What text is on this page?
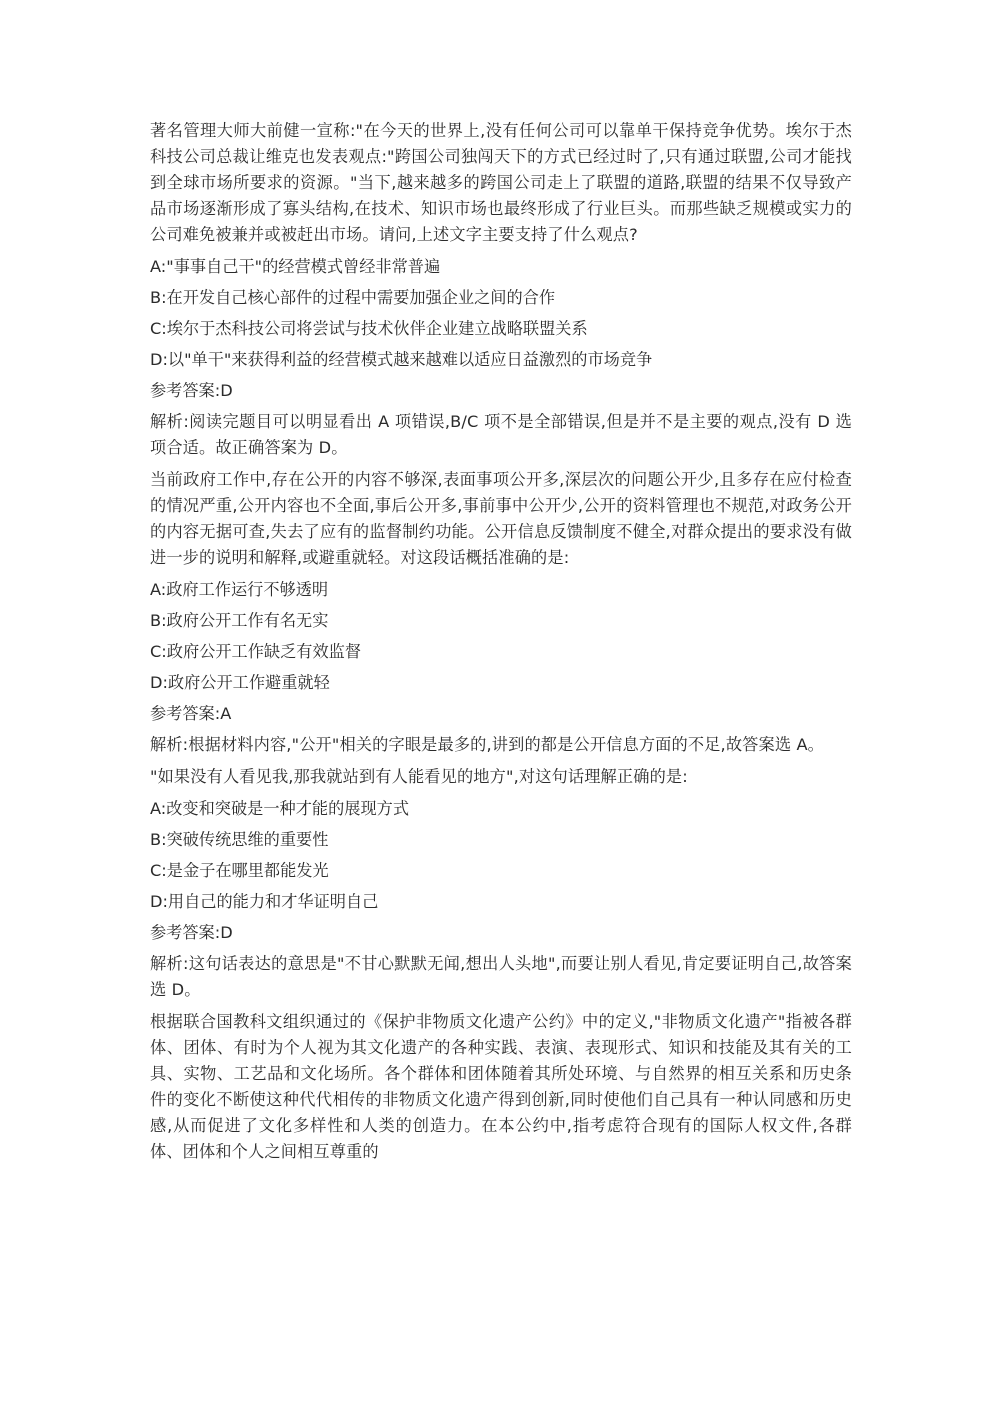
著名管理大师大前健一宣称:"在今天的世界上,没有任何公司可以靠单干保持竞争优势。埃尔于杰科技公司总裁让维克也发表观点:"跨国公司独闯天下的方式已经过时了,只有通过联盟,公司才能找到全球市场所要求的资源。"当下,越来越多的跨国公司走上了联盟的道路,联盟的结果不仅导致产品市场逐渐形成了寡头结构,在技术、知识市场也最终形成了行业巨头。而那些缺乏规模或实力的公司难免被兼并或被赶出市场。请问,上述文字主要支持了什么观点?

A:"事事自己干"的经营模式曾经非常普遍

B:在开发自己核心部件的过程中需要加强企业之间的合作

C:埃尔于杰科技公司将尝试与技术伙伴企业建立战略联盟关系

D:以"单干"来获得利益的经营模式越来越难以适应日益激烈的市场竞争

参考答案:D

解析:阅读完题目可以明显看出 A 项错误,B/C 项不是全部错误,但是并不是主要的观点,没有 D 选项合适。故正确答案为 D。

当前政府工作中,存在公开的内容不够深,表面事项公开多,深层次的问题公开少,且多存在应付检查的情况严重,公开内容也不全面,事后公开多,事前事中公开少,公开的资料管理也不规范,对政务公开的内容无据可查,失去了应有的监督制约功能。公开信息反馈制度不健全,对群众提出的要求没有做进一步的说明和解释,或避重就轻。对这段话概括准确的是:

A:政府工作运行不够透明

B:政府公开工作有名无实

C:政府公开工作缺乏有效监督

D:政府公开工作避重就轻

参考答案:A

解析:根据材料内容,"公开"相关的字眼是最多的,讲到的都是公开信息方面的不足,故答案选 A。

"如果没有人看见我,那我就站到有人能看见的地方",对这句话理解正确的是:

A:改变和突破是一种才能的展现方式

B:突破传统思维的重要性

C:是金子在哪里都能发光

D:用自己的能力和才华证明自己

参考答案:D

解析:这句话表达的意思是"不甘心默默无闻,想出人头地",而要让别人看见,肯定要证明自己,故答案选 D。

根据联合国教科文组织通过的《保护非物质文化遗产公约》中的定义,"非物质文化遗产"指被各群体、团体、有时为个人视为其文化遗产的各种实践、表演、表现形式、知识和技能及其有关的工具、实物、工艺品和文化场所。各个群体和团体随着其所处环境、与自然界的相互关系和历史条件的变化不断使这种代代相传的非物质文化遗产得到创新,同时使他们自己具有一种认同感和历史感,从而促进了文化多样性和人类的创造力。在本公约中,指考虑符合现有的国际人权文件,各群体、团体和个人之间相互尊重的
